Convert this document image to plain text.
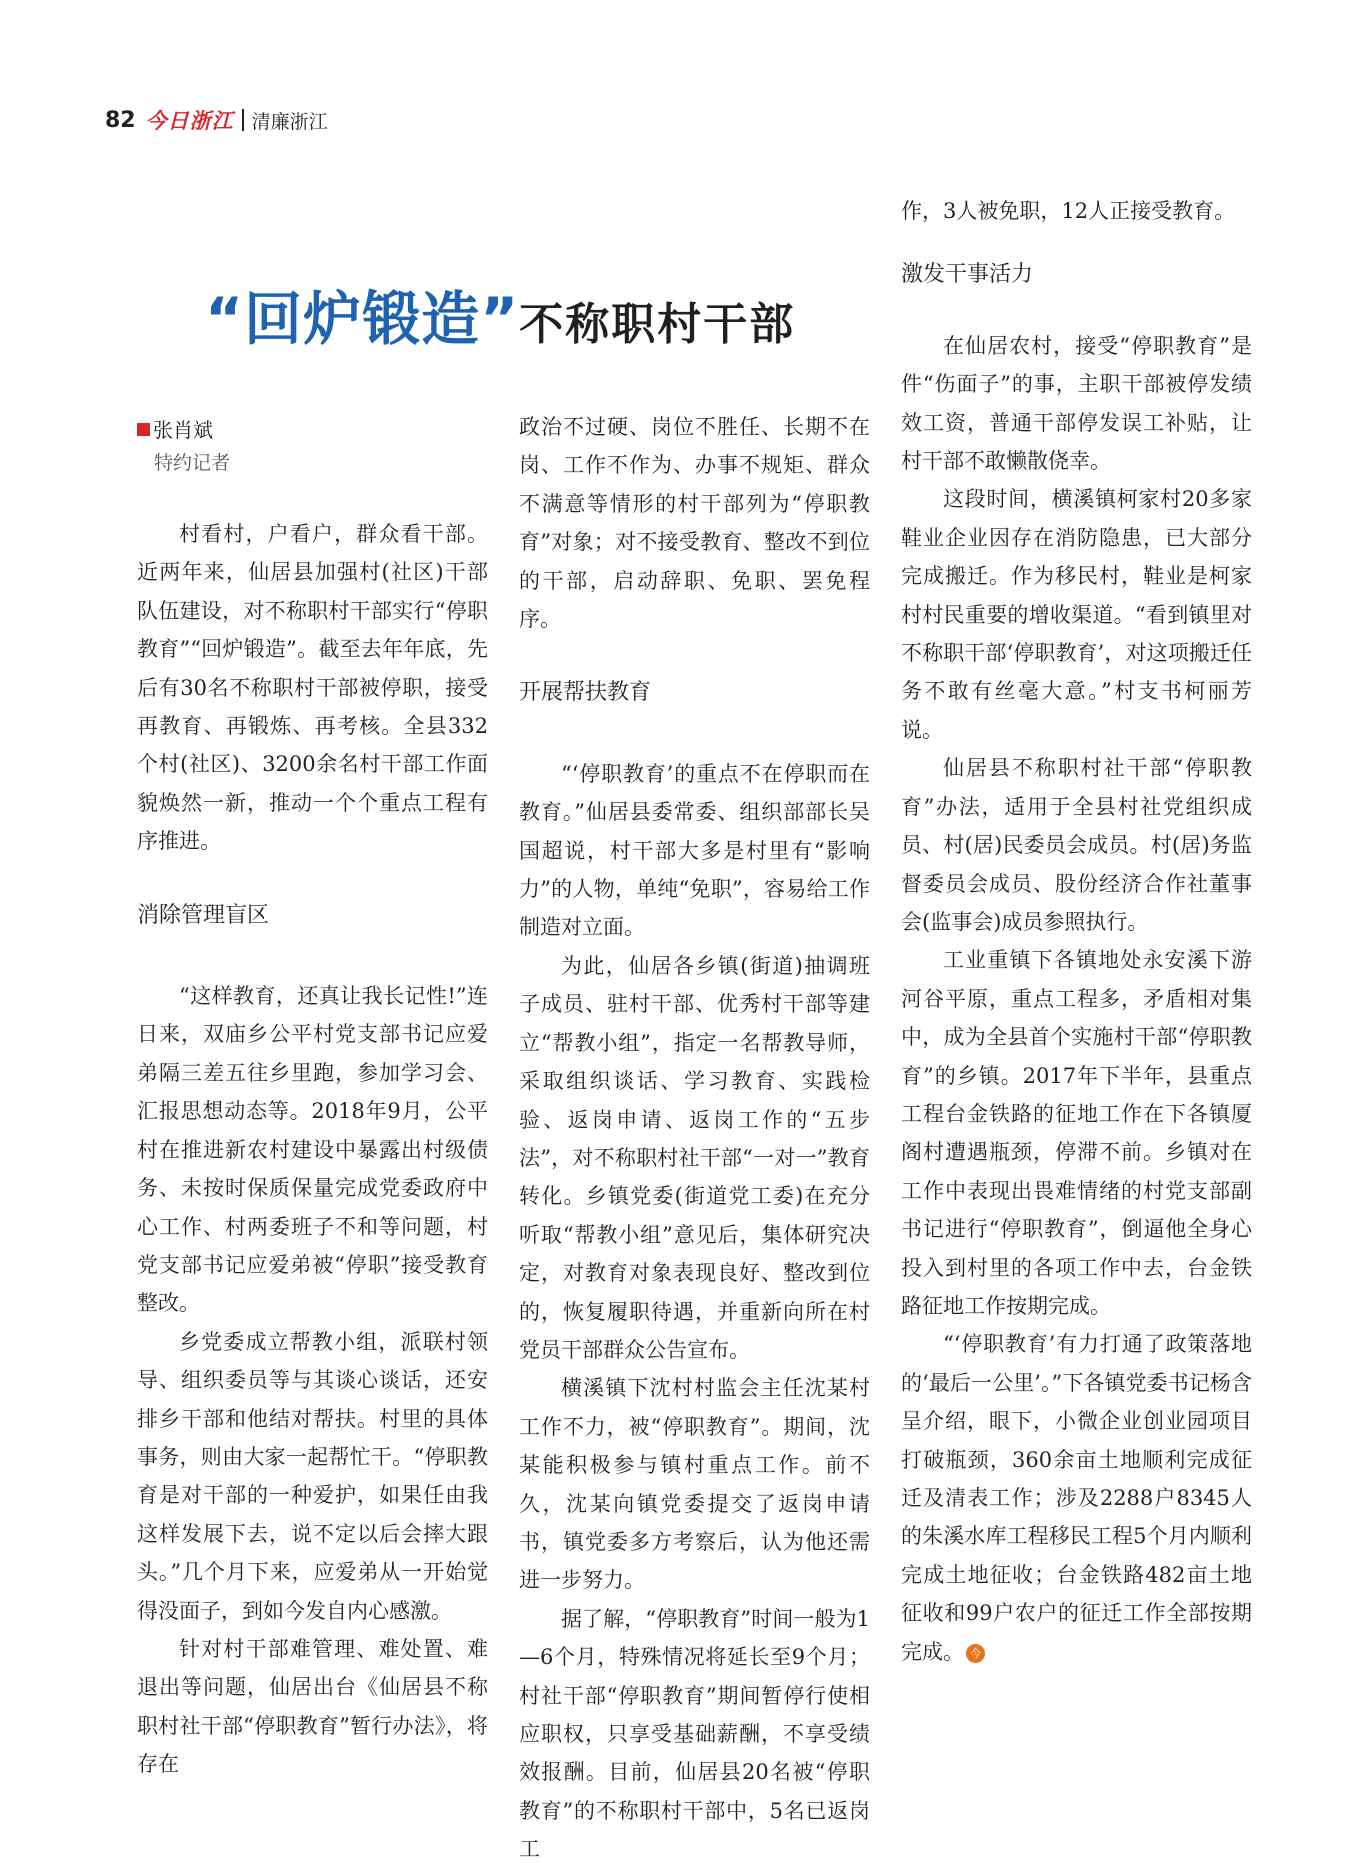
82 今日浙江 清廉浙江
“回炉锻造”不称职村干部
张肖斌
特约记者

村看村，户看户，群众看干部。近两年来，仙居县加强村(社区)干部队伍建设，对不称职村干部实行“停职教育”“回炉锻造”。截至去年年底，先后有30名不称职村干部被停职，接受再教育、再锻炼、再考核。全县332个村(社区)、3200余名村干部工作面貌焕然一新，推动一个个重点工程有序推进。

消除管理盲区

“这样教育，还真让我长记性!”连日来，双庙乡公平村党支部书记应爱弟隔三差五往乡里跑，参加学习会、汇报思想动态等。2018年9月，公平村在推进新农村建设中暴露出村级债务、未按时保质保量完成党委政府中心工作、村两委班子不和等问题，村党支部书记应爱弟被“停职”接受教育整改。

乡党委成立帮教小组，派联村领导、组织委员等与其谈心谈话，还安排乡干部和他结对帮扶。村里的具体事务，则由大家一起帮忙干。“停职教育是对干部的一种爱护，如果任由我这样发展下去，说不定以后会摔大跟头。”几个月下来，应爱弟从一开始觉得没面子，到如今发自内心感激。

针对村干部难管理、难处置、难退出等问题，仙居出台《仙居县不称职村社干部“停职教育”暂行办法》，将存在

政治不过硬、岗位不胜任、长期不在岗、工作不作为、办事不规矩、群众不满意等情形的村干部列为“停职教育”对象；对不接受教育、整改不到位的干部，启动辞职、免职、罢免程序。

开展帮扶教育

“‘停职教育’的重点不在停职而在教育。”仙居县委常委、组织部部长吴国超说，村干部大多是村里有“影响力”的人物，单纯“免职”，容易给工作制造对立面。

为此，仙居各乡镇(街道)抽调班子成员、驻村干部、优秀村干部等建立“帮教小组”，指定一名帮教导师，采取组织谈话、学习教育、实践检验、返岗申请、返岗工作的“五步法”，对不称职村社干部“一对一”教育转化。乡镇党委(街道党工委)在充分听取“帮教小组”意见后，集体研究决定，对教育对象表现良好、整改到位的，恢复履职待遇，并重新向所在村党员干部群众公告宣布。

横溪镇下沈村村监会主任沈某村工作不力，被“停职教育”。期间，沈某能积极参与镇村重点工作。前不久，沈某向镇党委提交了返岗申请书，镇党委多方考察后，认为他还需进一步努力。

据了解，“停职教育”时间一般为1—6个月，特殊情况将延长至9个月；村社干部“停职教育”期间暂停行使相应职权，只享受基础薪酬，不享受绩效报酬。目前，仙居县20名被“停职教育”的不称职村干部中，5名已返岗工

作，3人被免职，12人正接受教育。

激发干事活力

在仙居农村，接受“停职教育”是件“伤面子”的事，主职干部被停发绩效工资，普通干部停发误工补贴，让村干部不敢懒散侥幸。

这段时间，横溪镇柯家村20多家鞋业企业因存在消防隐患，已大部分完成搬迁。作为移民村，鞋业是柯家村村民重要的增收渠道。“看到镇里对不称职干部‘停职教育’，对这项搬迁任务不敢有丝毫大意。”村支书柯丽芳说。

仙居县不称职村社干部“停职教育”办法，适用于全县村社党组织成员、村(居)民委员会成员。村(居)务监督委员会成员、股份经济合作社董事会(监事会)成员参照执行。

工业重镇下各镇地处永安溪下游河谷平原，重点工程多，矛盾相对集中，成为全县首个实施村干部“停职教育”的乡镇。2017年下半年，县重点工程台金铁路的征地工作在下各镇厦阁村遭遇瓶颈，停滞不前。乡镇对在工作中表现出畏难情绪的村党支部副书记进行“停职教育”，倒逼他全身心投入到村里的各项工作中去，台金铁路征地工作按期完成。

“‘停职教育’有力打通了政策落地的‘最后一公里’。”下各镇党委书记杨含呈介绍，眼下，小微企业创业园项目打破瓶颈，360余亩土地顺利完成征迁及清表工作；涉及2288户8345人的朱溪水库工程移民工程5个月内顺利完成土地征收；台金铁路482亩土地征收和99户农户的征迁工作全部按期完成。 今
